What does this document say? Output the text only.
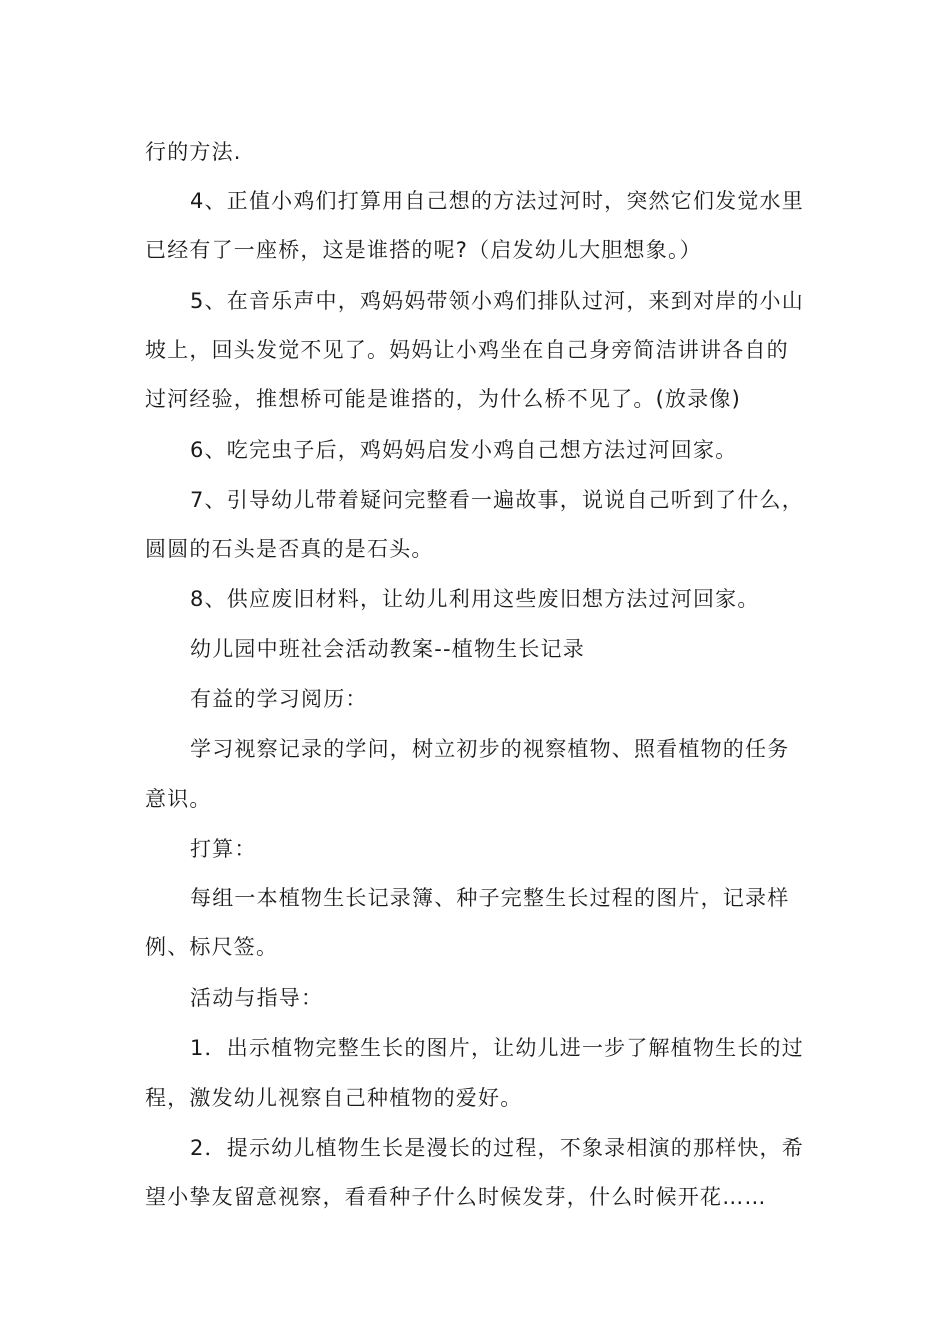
行的方法.
4、正值小鸡们打算用自己想的方法过河时，突然它们发觉水里
已经有了一座桥，这是谁搭的呢?（启发幼儿大胆想象。）
5、在音乐声中，鸡妈妈带领小鸡们排队过河，来到对岸的小山
坡上，回头发觉不见了。妈妈让小鸡坐在自己身旁简洁讲讲各自的
过河经验，推想桥可能是谁搭的，为什么桥不见了。(放录像)
6、吃完虫子后，鸡妈妈启发小鸡自己想方法过河回家。
7、引导幼儿带着疑问完整看一遍故事，说说自己听到了什么，
圆圆的石头是否真的是石头。
8、供应废旧材料，让幼儿利用这些废旧想方法过河回家。
幼儿园中班社会活动教案--植物生长记录
有益的学习阅历：
学习视察记录的学问，树立初步的视察植物、照看植物的任务
意识。
打算：
每组一本植物生长记录簿、种子完整生长过程的图片，记录样
例、标尺签。
活动与指导：
1．出示植物完整生长的图片，让幼儿进一步了解植物生长的过
程，激发幼儿视察自己种植物的爱好。
2．提示幼儿植物生长是漫长的过程，不象录相演的那样快，希
望小挚友留意视察，看看种子什么时候发芽，什么时候开花……
